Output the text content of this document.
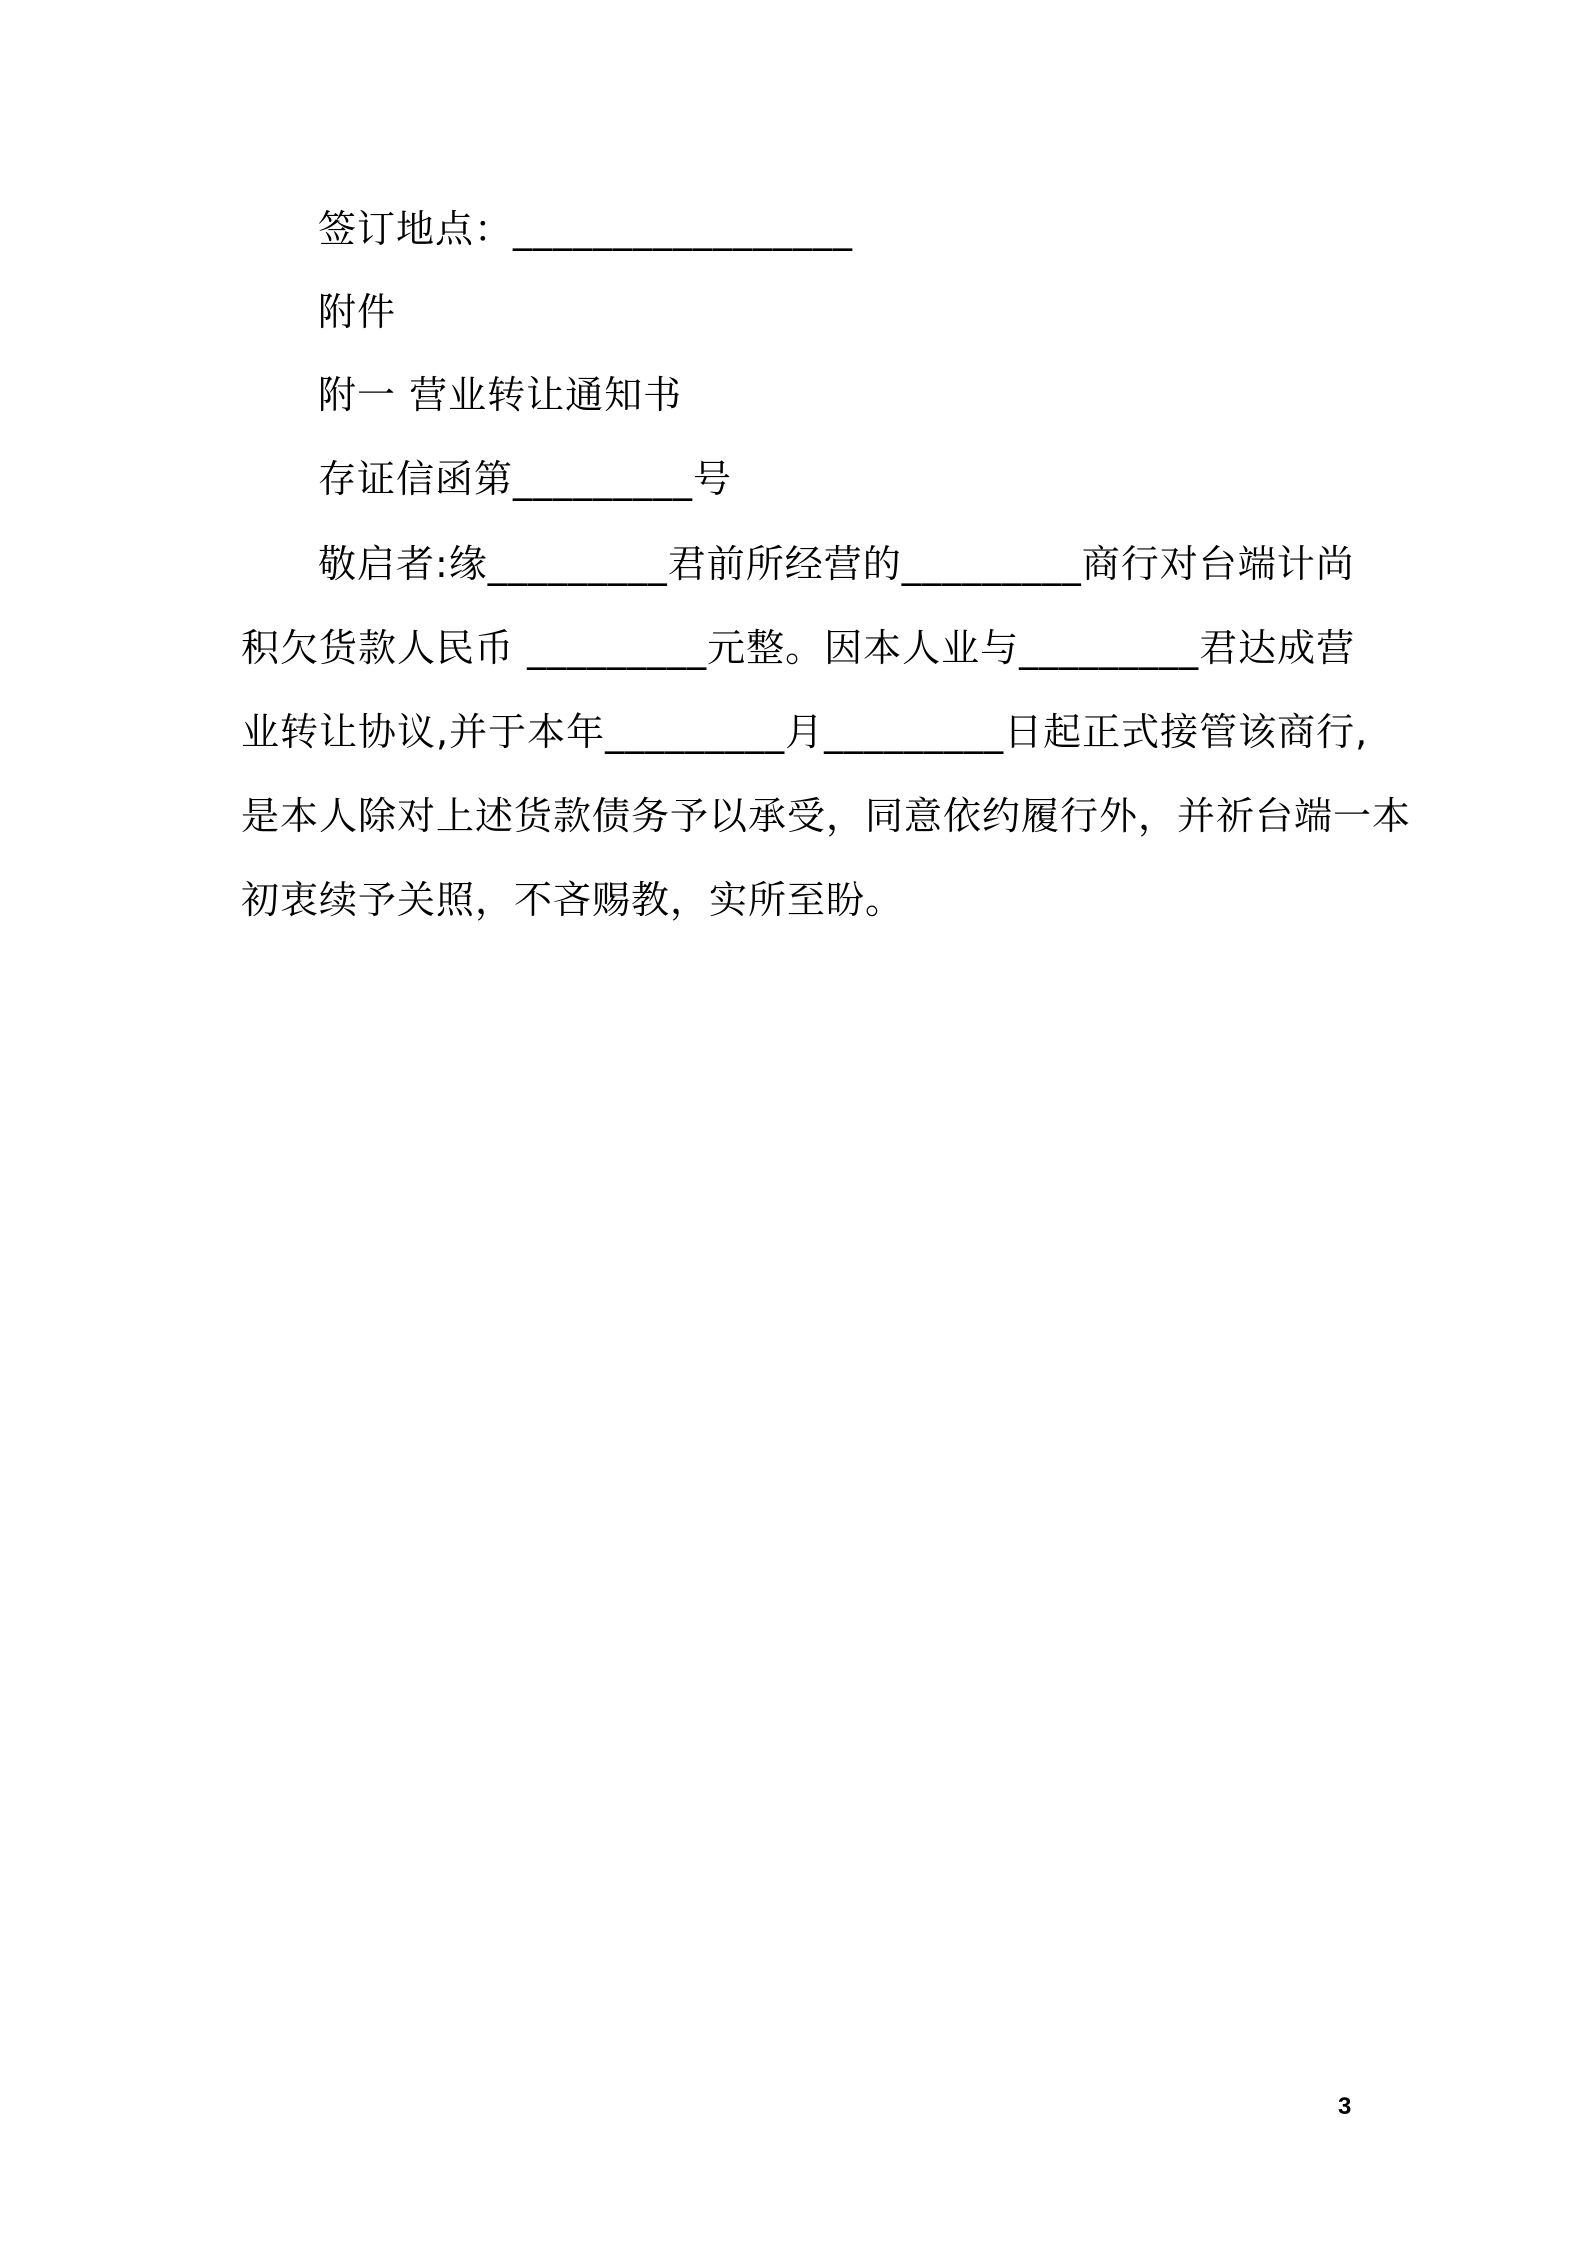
签订地点：_________________
附件
附一 营业转让通知书
存证信函第_________号
敬启者:缘_________君前所经营的_________商行对台端计尚
积欠货款人民币 _________元整。因本人业与_________君达成营
业转让协议,并于本年_________月_________日起正式接管该商行,
是本人除对上述货款债务予以承受，同意依约履行外，并祈台端一本
初衷续予关照，不吝赐教，实所至盼。
3
